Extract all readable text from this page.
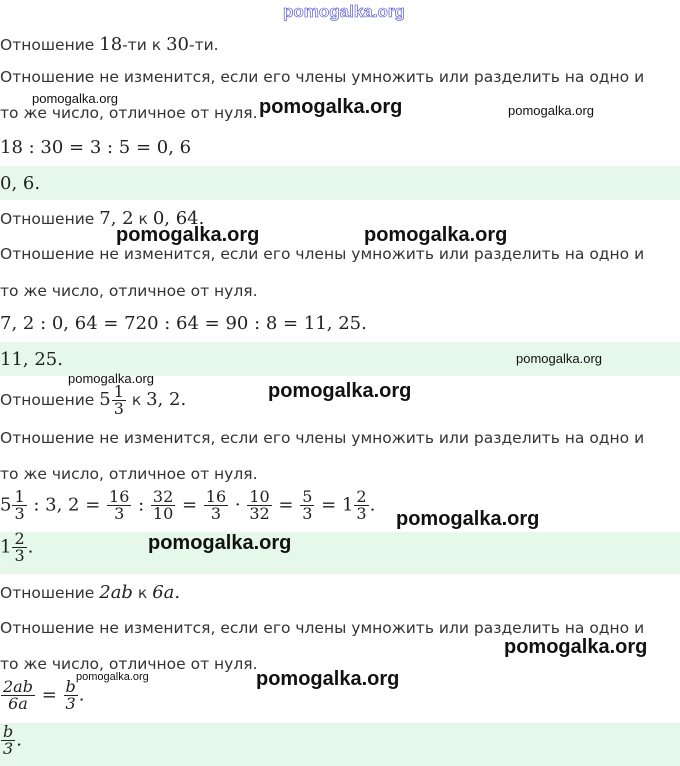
pomogalka.org
Отношение 18-ти к 30-ти.
Отношение не изменится, если его члены умножить или разделить на одно и
то же число, отличное от нуля.
18 : 30 = 3 : 5 = 0, 6
0, 6.
Отношение 7, 2 к 0, 64.
Отношение не изменится, если его члены умножить или разделить на одно и
то же число, отличное от нуля.
7, 2 : 0, 64 = 720 : 64 = 90 : 8 = 11, 25.
11, 25.
Отношение $5 \frac{1}{3}$ к 3, 2.
Отношение не изменится, если его члены умножить или разделить на одно и
то же число, отличное от нуля.
$5 \frac{1}{3}$ : 3, $2 = \frac{16}{3}$ : $\frac{32}{10} = \frac{16}{3} \cdot \frac{10}{32} = \frac{5}{3} = 1 \frac{2}{3}$ .
$1 \frac{2}{3}$ .
Отношение 2ab к 6a.
Отношение не изменится, если его члены умножить или разделить на одно и
то же число, отличное от нуля.
$\frac{2ab}{6a} = \frac{b}{3}$ .
$\frac{b}{3}$ .
pomogalka.org	pomogalka.org	pomogalka.org
pomogalka.org	pomogalka.org
pomogalka.org
pomogalka.org
pomogalka.org
pomogalka.org
pomogalka.org
pomogalka.org
pomogalka.org	pomogalka.org
